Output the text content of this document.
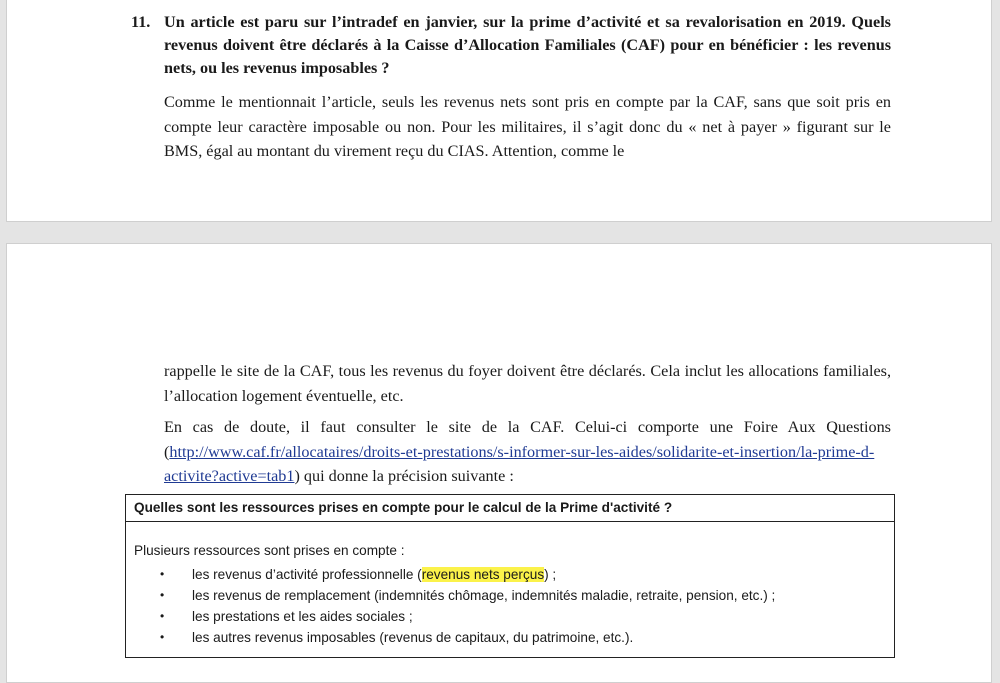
11. Un article est paru sur l’intradef en janvier, sur la prime d’activité et sa revalorisation en 2019. Quels revenus doivent être déclarés à la Caisse d’Allocation Familiales (CAF) pour en bénéficier : les revenus nets, ou les revenus imposables ?
Comme le mentionnait l’article, seuls les revenus nets sont pris en compte par la CAF, sans que soit pris en compte leur caractère imposable ou non. Pour les militaires, il s’agit donc du « net à payer » figurant sur le BMS, égal au montant du virement reçu du CIAS. Attention, comme le
rappelle le site de la CAF, tous les revenus du foyer doivent être déclarés. Cela inclut les allocations familiales, l’allocation logement éventuelle, etc.
En cas de doute, il faut consulter le site de la CAF. Celui-ci comporte une Foire Aux Questions (http://www.caf.fr/allocataires/droits-et-prestations/s-informer-sur-les-aides/solidarite-et-insertion/la-prime-d-activite?active=tab1) qui donne la précision suivante :
Quelles sont les ressources prises en compte pour le calcul de la Prime d'activité ?
Plusieurs ressources sont prises en compte :
• les revenus d’activité professionnelle (revenus nets perçus) ;
• les revenus de remplacement (indemnités chômage, indemnités maladie, retraite, pension, etc.) ;
• les prestations et les aides sociales ;
• les autres revenus imposables (revenus de capitaux, du patrimoine, etc.).
